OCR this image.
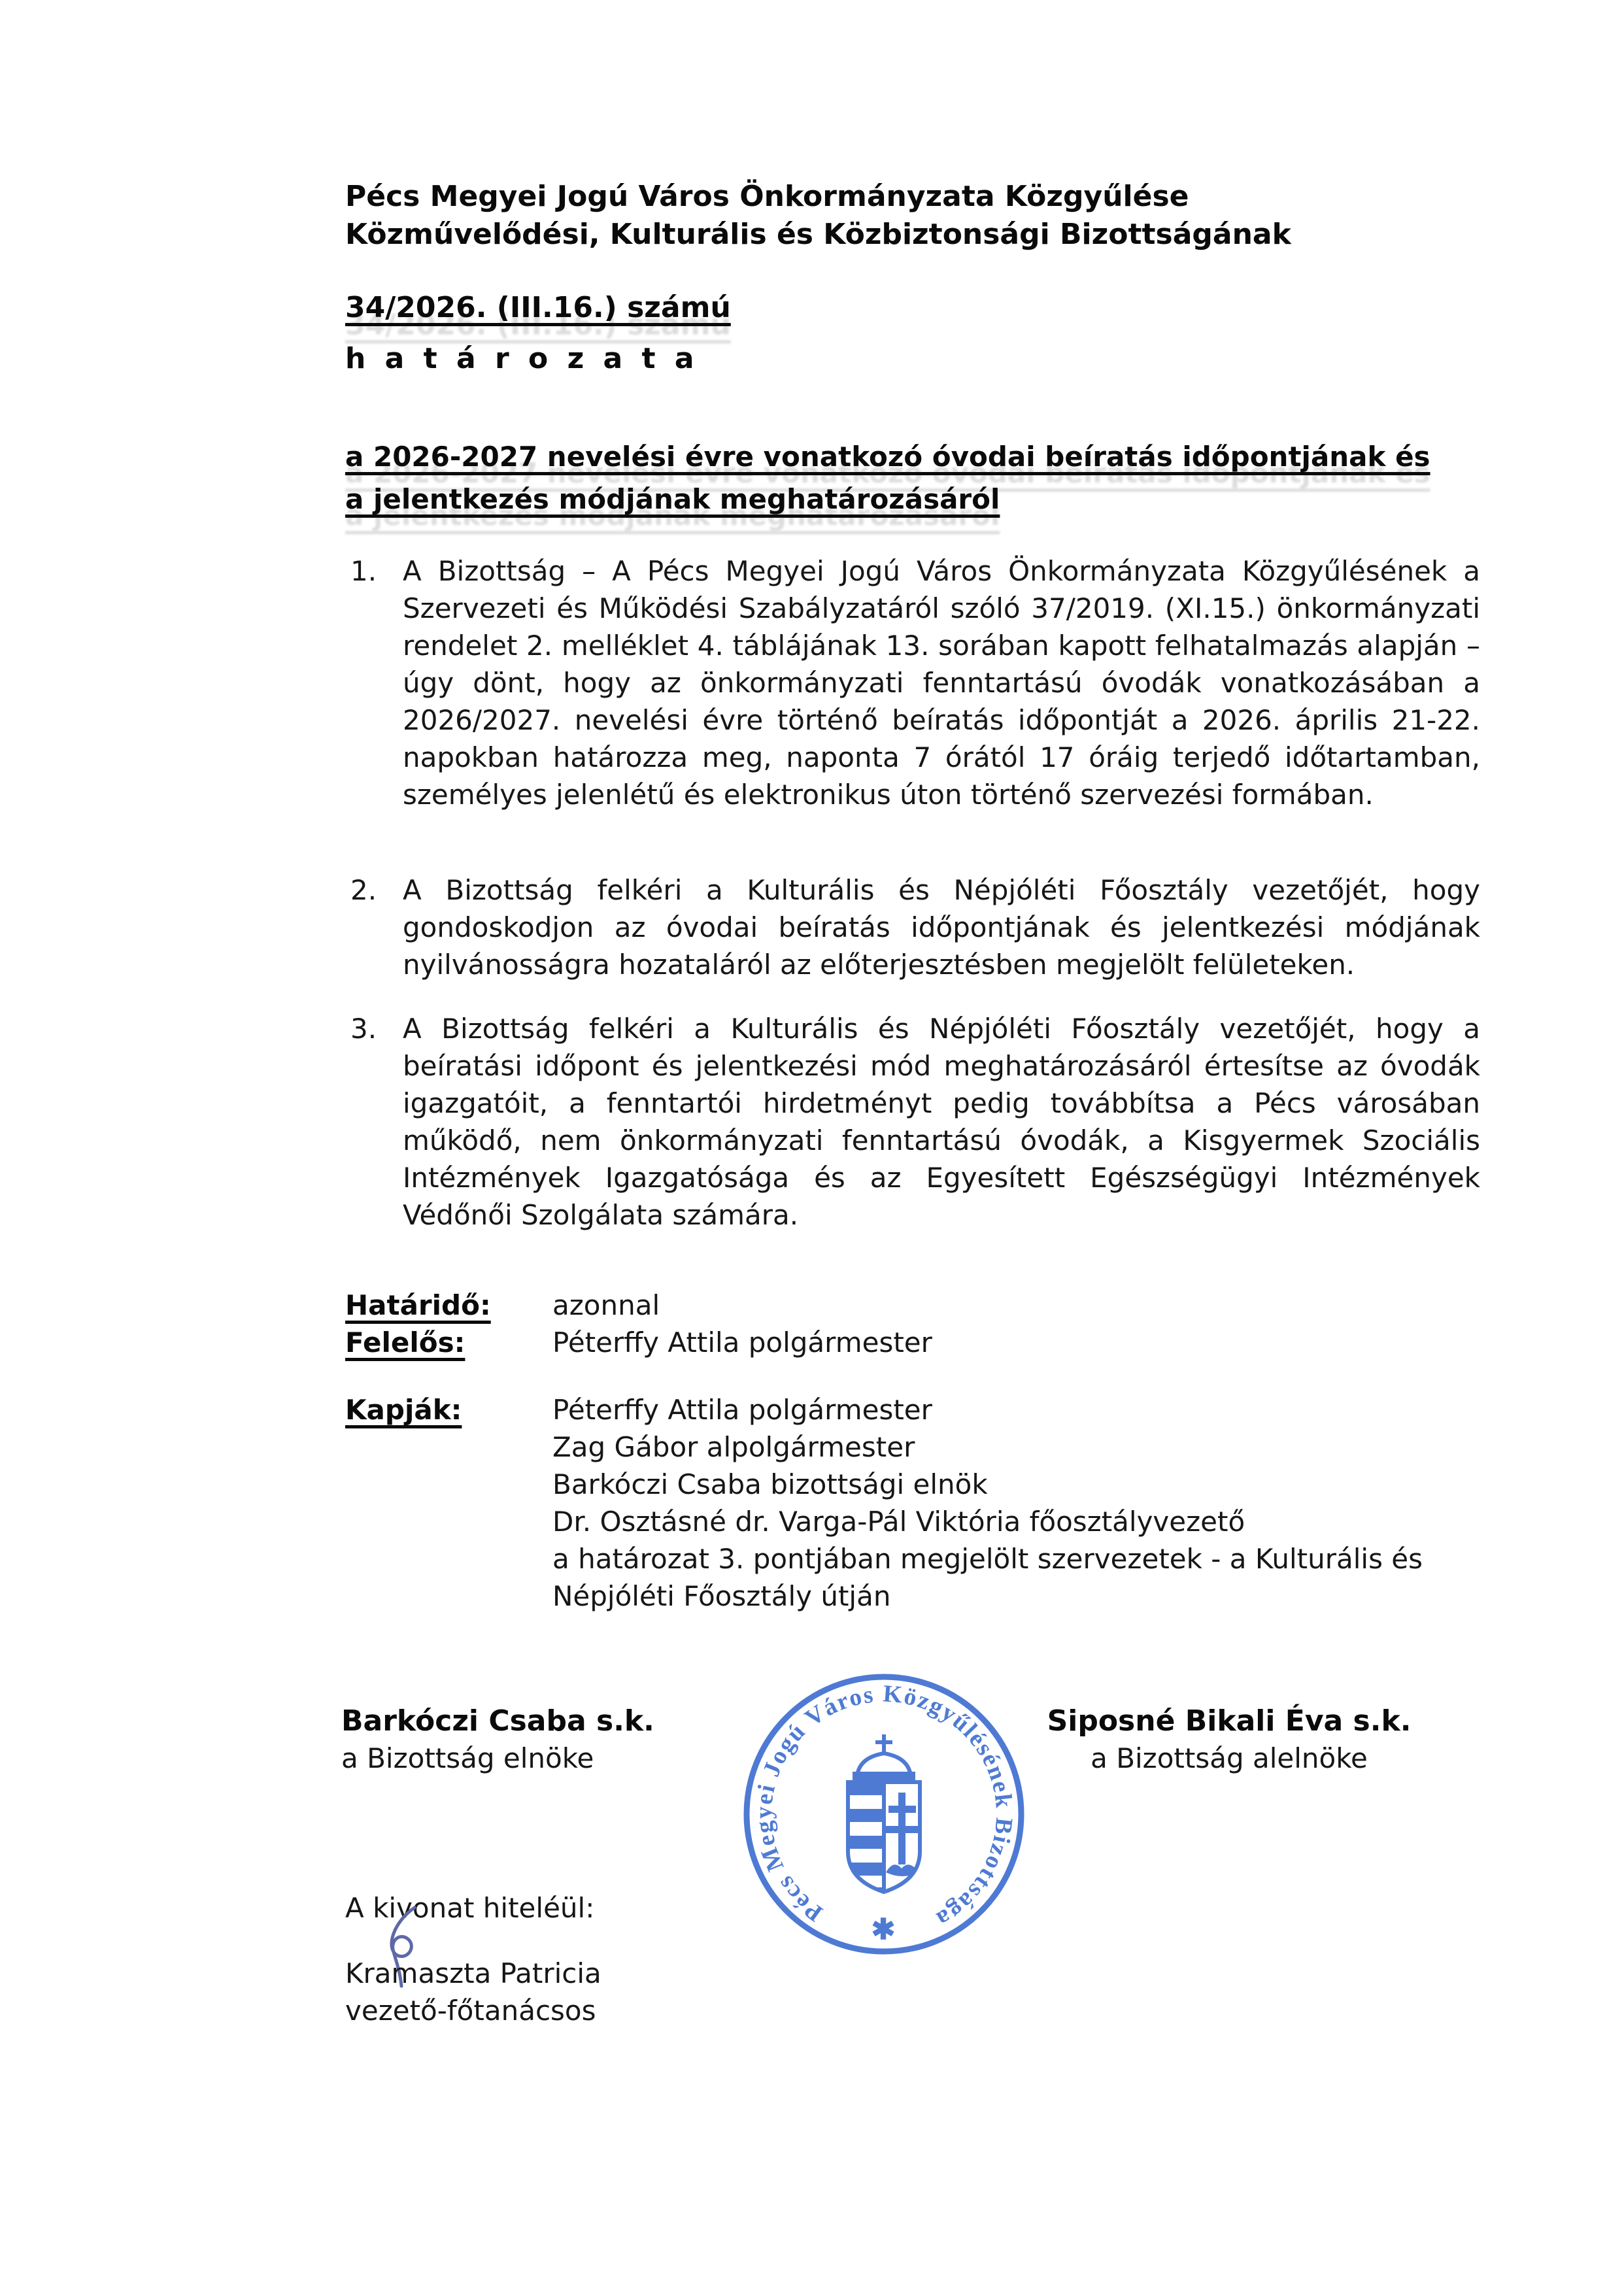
Pécs Megyei Jogú Város Önkormányzata Közgyűlése
Közművelődési, Kulturális és Közbiztonsági Bizottságának
34/2026. (III.16.) számú
h a t á r o z a t a
a 2026-2027 nevelési évre vonatkozó óvodai beíratás időpontjának és
a jelentkezés módjának meghatározásáról
1. A Bizottság – A Pécs Megyei Jogú Város Önkormányzata Közgyűlésének a Szervezeti és Működési Szabályzatáról szóló 37/2019. (XI.15.) önkormányzati rendelet 2. melléklet 4. táblájának 13. sorában kapott felhatalmazás alapján – úgy dönt, hogy az önkormányzati fenntartású óvodák vonatkozásában a 2026/2027. nevelési évre történő beíratás időpontját a 2026. április 21-22. napokban határozza meg, naponta 7 órától 17 óráig terjedő időtartamban, személyes jelenlétű és elektronikus úton történő szervezési formában.
2. A Bizottság felkéri a Kulturális és Népjóléti Főosztály vezetőjét, hogy gondoskodjon az óvodai beíratás időpontjának és jelentkezési módjának nyilvánosságra hozataláról az előterjesztésben megjelölt felületeken.
3. A Bizottság felkéri a Kulturális és Népjóléti Főosztály vezetőjét, hogy a beíratási időpont és jelentkezési mód meghatározásáról értesítse az óvodák igazgatóit, a fenntartói hirdetményt pedig továbbítsa a Pécs városában működő, nem önkormányzati fenntartású óvodák, a Kisgyermek Szociális Intézmények Igazgatósága és az Egyesített Egészségügyi Intézmények Védőnői Szolgálata számára.
Határidő: azonnal
Felelős:	Péterffy Attila polgármester
Kapják:	Péterffy Attila polgármester
Zag Gábor alpolgármester
Barkóczi Csaba bizottsági elnök
Dr. Osztásné dr. Varga-Pál Viktória főosztályvezető
a határozat 3. pontjában megjelölt szervezetek - a Kulturális és Népjóléti Főosztály útján
Barkóczi Csaba s.k.
a Bizottság elnöke
Siposné Bikali Éva s.k.
a Bizottság alelnöke
Pécs Megyei Jogú Város Közgyűlésének Bizottsága
✱
A kivonat hiteléül:
Kramaszta Patricia
vezető-főtanácsos
